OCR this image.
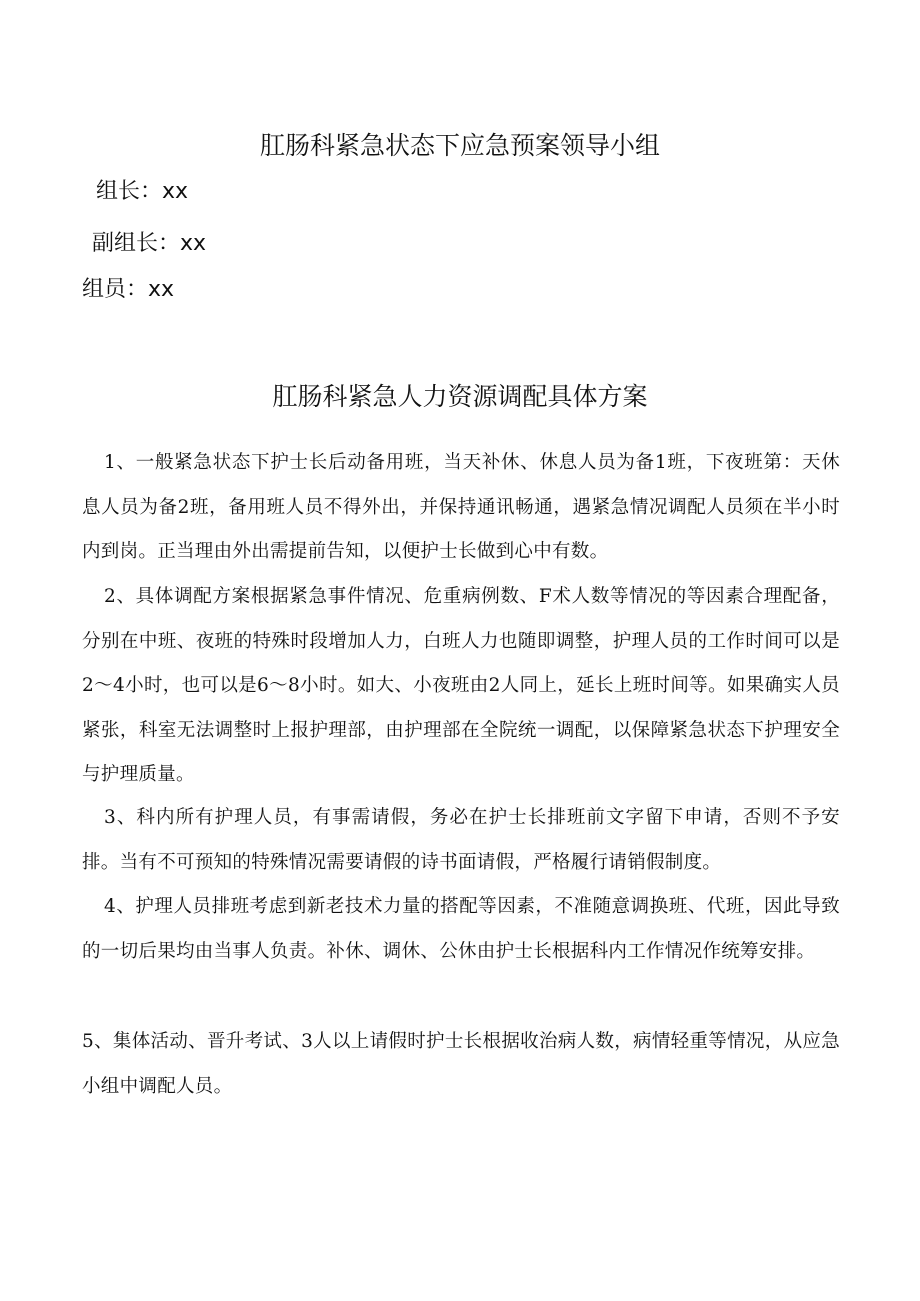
肛肠科紧急状态下应急预案领导小组
组长：xx
副组长：xx
组员：xx
肛肠科紧急人力资源调配具体方案
1、一般紧急状态下护士长后动备用班，当天补休、休息人员为备1班，下夜班第：天休息人员为备2班，备用班人员不得外出，并保持通讯畅通，遇紧急情况调配人员须在半小时内到岗。正当理由外出需提前告知，以便护士长做到心中有数。
2、具体调配方案根据紧急事件情况、危重病例数、F术人数等情况的等因素合理配备，分别在中班、夜班的特殊时段增加人力，白班人力也随即调整，护理人员的工作时间可以是2～4小时，也可以是6～8小时。如大、小夜班由2人同上，延长上班时间等。如果确实人员紧张，科室无法调整时上报护理部，由护理部在全院统一调配，以保障紧急状态下护理安全与护理质量。
3、科内所有护理人员，有事需请假，务必在护士长排班前文字留下申请，否则不予安排。当有不可预知的特殊情况需要请假的诗书面请假，严格履行请销假制度。
4、护理人员排班考虑到新老技术力量的搭配等因素，不准随意调换班、代班，因此导致的一切后果均由当事人负责。补休、调休、公休由护士长根据科内工作情况作统筹安排。
5、集体活动、晋升考试、3人以上请假时护士长根据收治病人数，病情轻重等情况，从应急小组中调配人员。
